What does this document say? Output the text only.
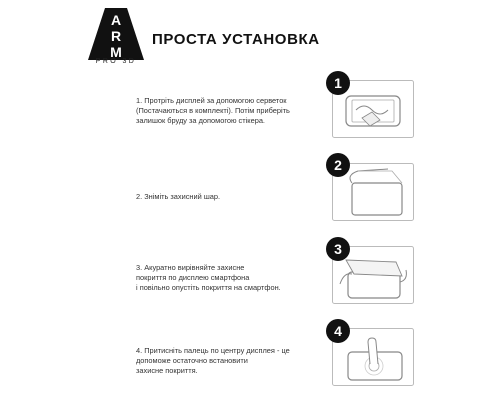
A
R
M
PRO 3D
ПРОСТА УСТАНОВКА
1. Протріть дисплей за допомогою серветок
(Постачаються в комплекті). Потім приберіть
залишок бруду за допомогою стікера.
1
2. Зніміть захисний шар.
2
3. Акуратно вирівняйте захисне
покриття по дисплею смартфона
і повільно опустіть покриття на смартфон.
3
4. Притисніть палець по центру дисплея - це
допоможе остаточно встановити
захисне покриття.
4
